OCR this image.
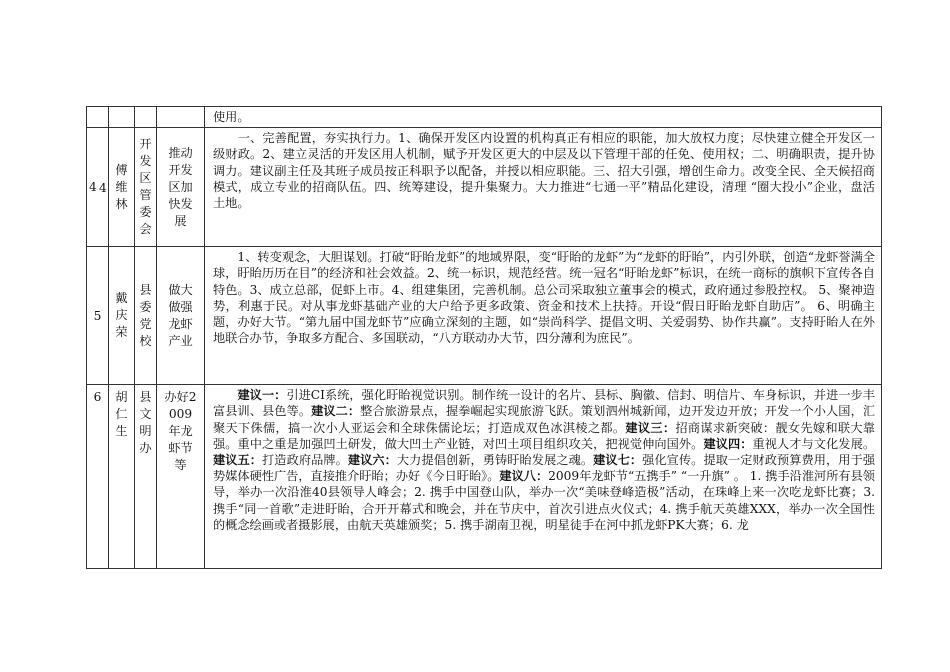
				使用。

4 4	傅维林	开发区管委会	推动开发区加快发展	　　一、完善配置，夯实执行力。1、确保开发区内设置的机构真正有相应的职能，加大放权力度；尽快建立健全开发区一级财政。2、建立灵活的开发区用人机制，赋予开发区更大的中层及以下管理干部的任免、使用权；二、明确职责，提升协调力。建议副主任及其班子成员按正科职予以配备，并授以相应职能。三、招大引强，增创生命力。改变全民、全天候招商模式，成立专业的招商队伍。四、统筹建设，提升集聚力。大力推进“七通一平”精品化建设，清理 “圈大投小”企业，盘活土地。
5	戴庆荣	县委党校	做大做强龙虾产业	　　1、转变观念，大胆谋划。打破“盱眙龙虾”的地域界限，变“盱眙的龙虾”为“龙虾的盱眙”，内引外联，创造“龙虾誉满全球，盱眙历历在目”的经济和社会效益。2、统一标识，规范经营。统一冠名“盱眙龙虾”标识，在统一商标的旗帜下宣传各自特色。3、成立总部，促虾上市。4、组建集团，完善机制。总公司采取独立董事会的模式，政府通过参股控权。 5、聚神造势，利惠于民。对从事龙虾基础产业的大户给予更多政策、资金和技术上扶持。开设“假日盱眙龙虾自助店”。 6、明确主题，办好大节。“第九届中国龙虾节”应确立深刻的主题，如“崇尚科学、提倡文明、关爱弱势、协作共赢”。支持盱眙人在外地联合办节，争取多方配合、多国联动，“八方联动办大节，四分薄利为庶民”。
6	胡仁生	县文明办	办好2009年龙虾节等	　　建议一：引进CI系统，强化盱眙视觉识别。制作统一设计的名片、县标、胸徽、信封、明信片、车身标识，并进一步丰富县训、县色等。建议二：整合旅游景点，握拳崛起实现旅游飞跃。策划泗州城新闻，边开发边开放；开发一个小人国，汇聚天下侏儒，搞一次小人亚运会和全球侏儒论坛；打造成双色冰淇棱之都。建议三：招商谋求新突破：靓女先嫁和联大靠强。重中之重是加强凹土研发，做大凹土产业链，对凹土项目组织攻关，把视觉伸向国外。建议四：重视人才与文化发展。建议五：打造政府品牌。建议六：大力提倡创新，勇铸盱眙发展之魂。建议七：强化宣传。提取一定财政预算费用，用于强势媒体硬性广告，直接推介盱眙；办好《今日盱眙》。建议八：2009年龙虾节“五携手” “一升旗” 。 1. 携手沿淮河所有县领导，举办一次沿淮40县领导人峰会；2. 携手中国登山队，举办一次“美味登峰造极”活动，在珠峰上来一次吃龙虾比赛；3. 携手“同一首歌”走进盱眙，合开开幕式和晚会，并在节庆中，首次引进点火仪式；4. 携手航天英雄XXX，举办一次全国性的概念绘画或者摄影展，由航天英雄颁奖；5. 携手湖南卫视，明星徒手在河中抓龙虾PK大赛；6. 龙
